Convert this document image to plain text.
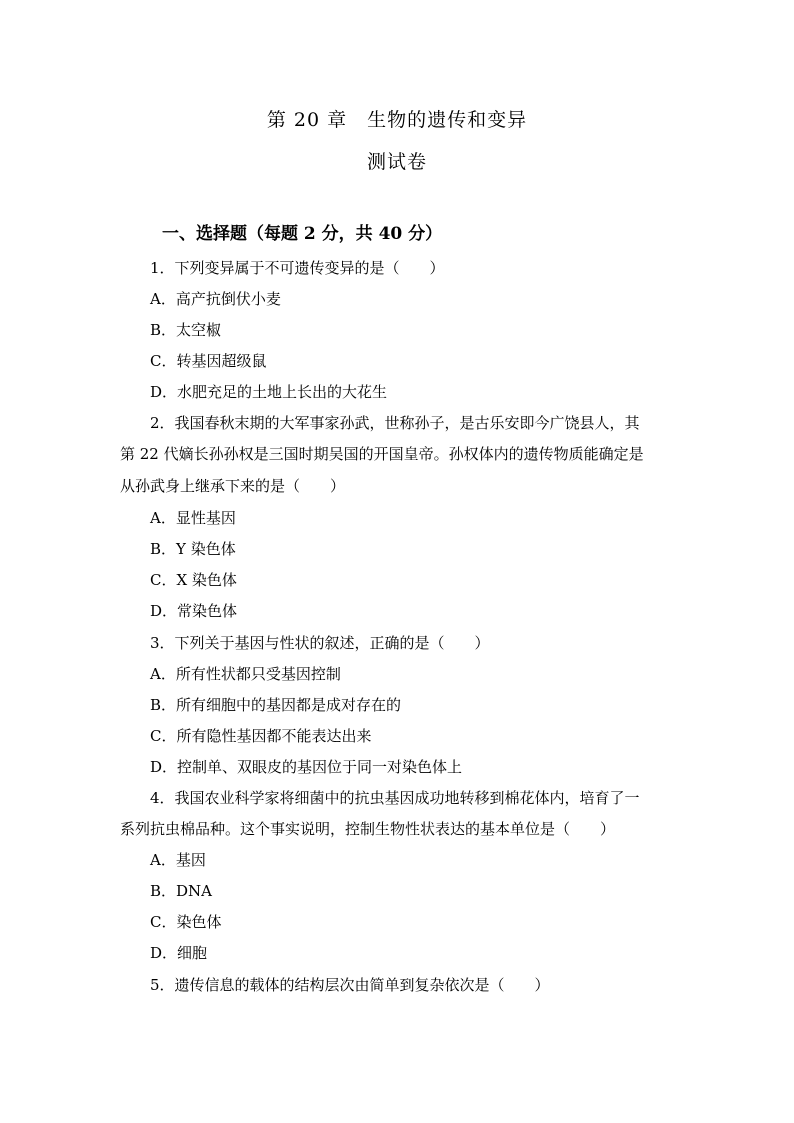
第 20 章　生物的遗传和变异
测试卷
一、选择题（每题 2 分，共 40 分）
1．下列变异属于不可遗传变异的是（　　）
A．高产抗倒伏小麦
B．太空椒
C．转基因超级鼠
D．水肥充足的土地上长出的大花生
2．我国春秋末期的大军事家孙武，世称孙子，是古乐安即今广饶县人，其
第 22 代嫡长孙孙权是三国时期吴国的开国皇帝。孙权体内的遗传物质能确定是
从孙武身上继承下来的是（　　）
A．显性基因
B．Y 染色体
C．X 染色体
D．常染色体
3．下列关于基因与性状的叙述，正确的是（　　）
A．所有性状都只受基因控制
B．所有细胞中的基因都是成对存在的
C．所有隐性基因都不能表达出来
D．控制单、双眼皮的基因位于同一对染色体上
4．我国农业科学家将细菌中的抗虫基因成功地转移到棉花体内，培育了一
系列抗虫棉品种。这个事实说明，控制生物性状表达的基本单位是（　　）
A．基因
B．DNA
C．染色体
D．细胞
5．遗传信息的载体的结构层次由简单到复杂依次是（　　）
